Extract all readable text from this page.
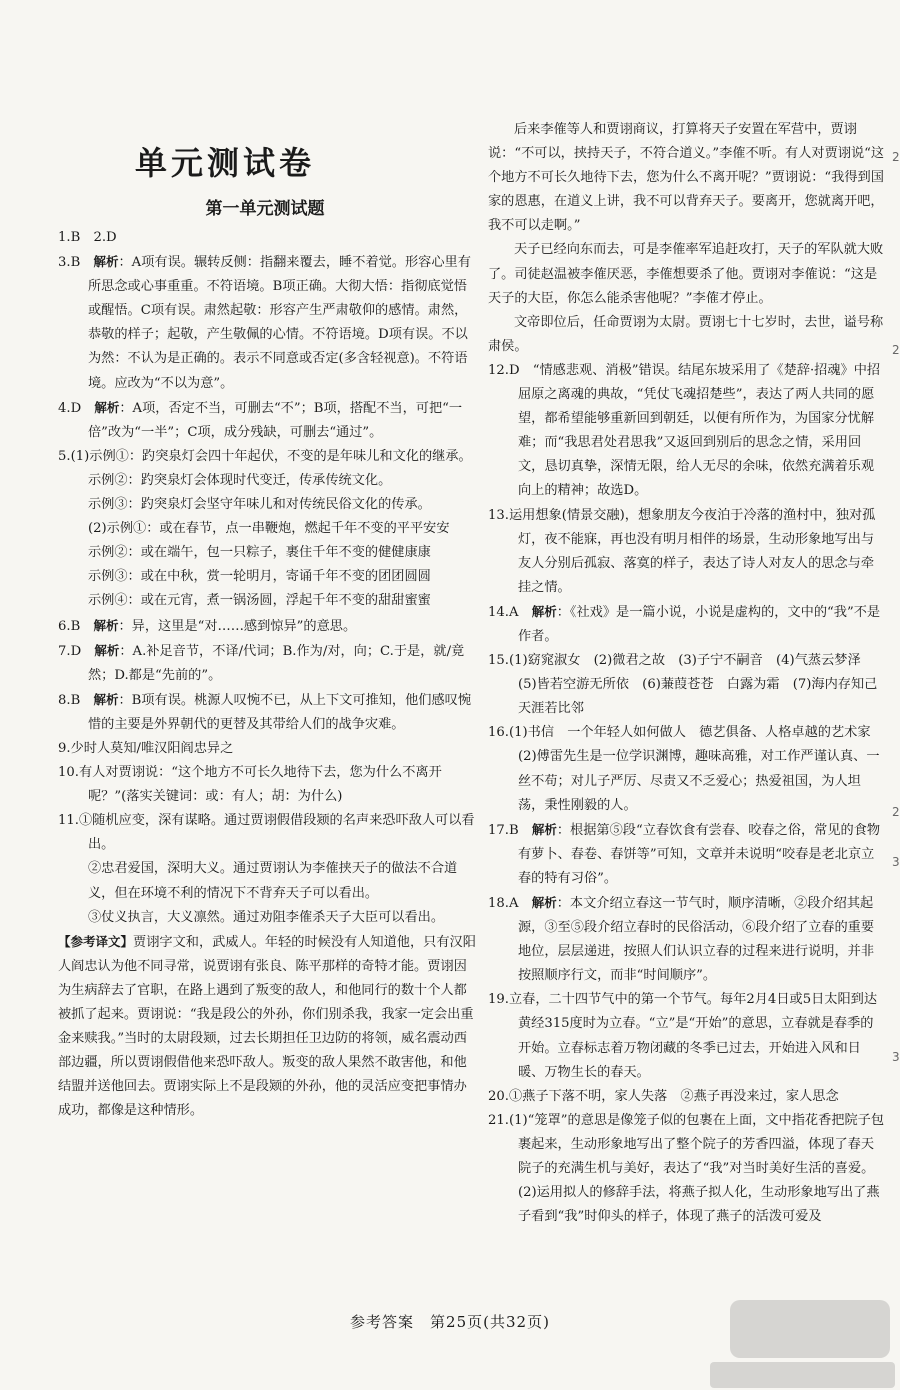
单元测试卷
第一单元测试题

1.B　2.D

3.B　解析：A项有误。辗转反侧：指翻来覆去，睡不着觉。形容心里有所思念或心事重重。不符语境。B项正确。大彻大悟：指彻底觉悟或醒悟。C项有误。肃然起敬：形容产生严肃敬仰的感情。肃然，恭敬的样子；起敬，产生敬佩的心情。不符语境。D项有误。不以为然：不认为是正确的。表示不同意或否定(多含轻视意)。不符语境。应改为“不以为意”。

4.D　解析：A项，否定不当，可删去“不”；B项，搭配不当，可把“一倍”改为“一半”；C项，成分残缺，可删去“通过”。

5.(1)示例①：趵突泉灯会四十年起伏，不变的是年味儿和文化的继承。

示例②：趵突泉灯会体现时代变迁，传承传统文化。

示例③：趵突泉灯会坚守年味儿和对传统民俗文化的传承。

(2)示例①：或在春节，点一串鞭炮，燃起千年不变的平平安安

示例②：或在端午，包一只粽子，裹住千年不变的健健康康

示例③：或在中秋，赏一轮明月，寄诵千年不变的团团圆圆

示例④：或在元宵，煮一锅汤圆，浮起千年不变的甜甜蜜蜜

6.B　解析：异，这里是“对……感到惊异”的意思。

7.D　解析：A.补足音节，不译/代词；B.作为/对，向；C.于是，就/竟然；D.都是“先前的”。

8.B　解析：B项有误。桃源人叹惋不已，从上下文可推知，他们感叹惋惜的主要是外界朝代的更替及其带给人们的战争灾难。

9.少时人莫知/唯汉阳阎忠异之

10.有人对贾诩说：“这个地方不可长久地待下去，您为什么不离开呢？”(落实关键词：或：有人；胡：为什么)

11.①随机应变，深有谋略。通过贾诩假借段颎的名声来恐吓敌人可以看出。

②忠君爱国，深明大义。通过贾诩认为李傕挟天子的做法不合道义，但在环境不利的情况下不背弃天子可以看出。

③仗义执言，大义凛然。通过劝阻李傕杀天子大臣可以看出。

【参考译文】贾诩字文和，武威人。年轻的时候没有人知道他，只有汉阳人阎忠认为他不同寻常，说贾诩有张良、陈平那样的奇特才能。贾诩因为生病辞去了官职，在路上遇到了叛变的敌人，和他同行的数十个人都被抓了起来。贾诩说：“我是段公的外孙，你们别杀我，我家一定会出重金来赎我。”当时的太尉段颎，过去长期担任卫边防的将领，威名震动西部边疆，所以贾诩假借他来恐吓敌人。叛变的敌人果然不敢害他，和他结盟并送他回去。贾诩实际上不是段颎的外孙，他的灵活应变把事情办成功，都像是这种情形。

后来李傕等人和贾诩商议，打算将天子安置在军营中，贾诩说：“不可以，挟持天子，不符合道义。”李傕不听。有人对贾诩说“这个地方不可长久地待下去，您为什么不离开呢？”贾诩说：“我得到国家的恩惠，在道义上讲，我不可以背弃天子。要离开，您就离开吧，我不可以走啊。”

天子已经向东而去，可是李傕率军追赶攻打，天子的军队就大败了。司徒赵温被李傕厌恶，李傕想要杀了他。贾诩对李傕说：“这是天子的大臣，你怎么能杀害他呢？”李傕才停止。

文帝即位后，任命贾诩为太尉。贾诩七十七岁时，去世，谥号称肃侯。

12.D　“情感悲观、消极”错误。结尾东坡采用了《楚辞·招魂》中招屈原之离魂的典故，“凭仗飞魂招楚些”，表达了两人共同的愿望，都希望能够重新回到朝廷，以便有所作为，为国家分忧解难；而“我思君处君思我”又返回到别后的思念之情，采用回文，恳切真挚，深情无限，给人无尽的余味，依然充满着乐观向上的精神；故选D。

13.运用想象(情景交融)，想象朋友今夜泊于冷落的渔村中，独对孤灯，夜不能寐，再也没有明月相伴的场景，生动形象地写出与友人分别后孤寂、落寞的样子，表达了诗人对友人的思念与牵挂之情。

14.A　解析：《社戏》是一篇小说，小说是虚构的，文中的“我”不是作者。

15.(1)窈窕淑女　(2)微君之故　(3)子宁不嗣音　(4)气蒸云梦泽　(5)皆若空游无所依　(6)蒹葭苍苍　白露为霜　(7)海内存知己　天涯若比邻

16.(1)书信　一个年轻人如何做人　德艺俱备、人格卓越的艺术家

(2)傅雷先生是一位学识渊博，趣味高雅，对工作严谨认真、一丝不苟；对儿子严厉、尽责又不乏爱心；热爱祖国，为人坦荡，秉性刚毅的人。

17.B　解析：根据第⑤段“立春饮食有尝春、咬春之俗，常见的食物有萝卜、春卷、春饼等”可知，文章并未说明“咬春是老北京立春的特有习俗”。

18.A　解析：本文介绍立春这一节气时，顺序清晰，②段介绍其起源，③至⑤段介绍立春时的民俗活动，⑥段介绍了立春的重要地位，层层递进，按照人们认识立春的过程来进行说明，并非按照顺序行文，而非“时间顺序”。

19.立春，二十四节气中的第一个节气。每年2月4日或5日太阳到达黄经315度时为立春。“立”是“开始”的意思，立春就是春季的开始。立春标志着万物闭藏的冬季已过去，开始进入风和日暖、万物生长的春天。

20.①燕子下落不明，家人失落　②燕子再没来过，家人思念

21.(1)“笼罩”的意思是像笼子似的包裹在上面，文中指花香把院子包裹起来，生动形象地写出了整个院子的芳香四溢，体现了春天院子的充满生机与美好，表达了“我”对当时美好生活的喜爱。

(2)运用拟人的修辞手法，将燕子拟人化，生动形象地写出了燕子看到“我”时仰头的样子，体现了燕子的活泼可爱及

参考答案　第25页(共32页)
2
2
2
3
3
